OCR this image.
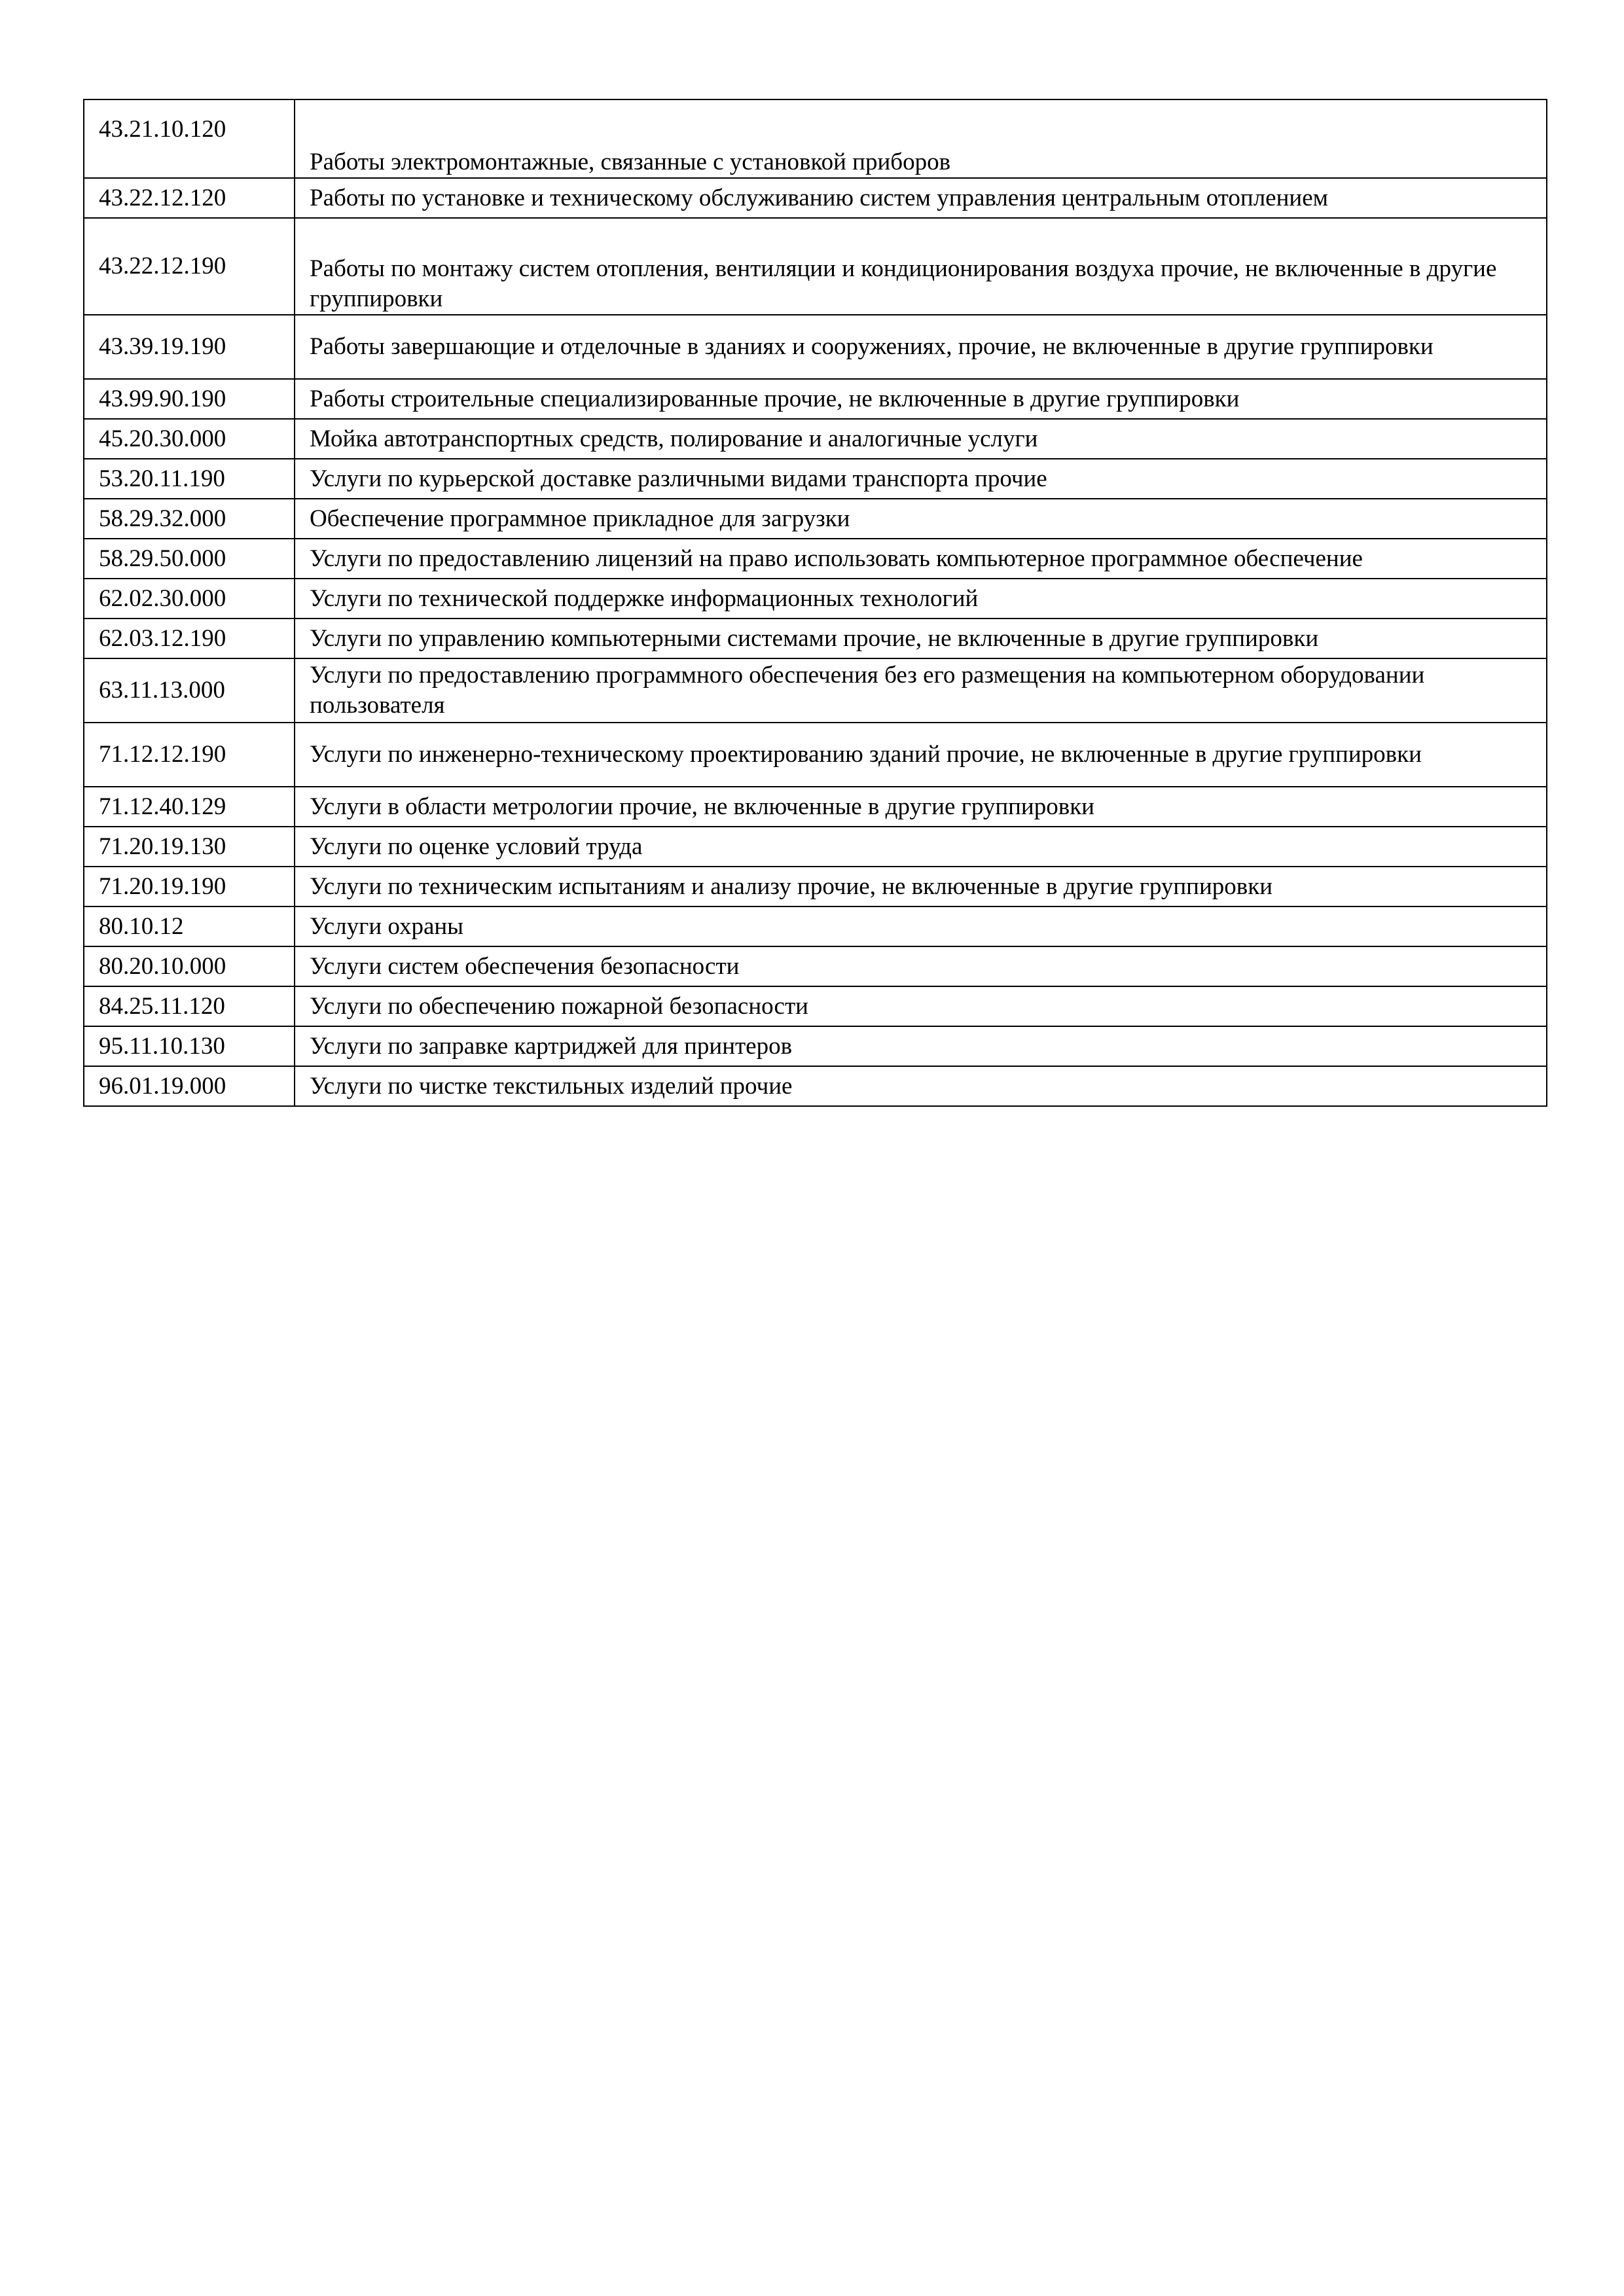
43.21.10.120	Работы электромонтажные, связанные с установкой приборов
43.22.12.120	Работы по установке и техническому обслуживанию систем управления центральным отоплением
43.22.12.190	Работы по монтажу систем отопления, вентиляции и кондиционирования воздуха прочие, не включенные в другие группировки
43.39.19.190	Работы завершающие и отделочные в зданиях и сооружениях, прочие, не включенные в другие группировки
43.99.90.190	Работы строительные специализированные прочие, не включенные в другие группировки
45.20.30.000	Мойка автотранспортных средств, полирование и аналогичные услуги
53.20.11.190	Услуги по курьерской доставке различными видами транспорта прочие
58.29.32.000	Обеспечение программное прикладное для загрузки
58.29.50.000	Услуги по предоставлению лицензий на право использовать компьютерное программное обеспечение
62.02.30.000	Услуги по технической поддержке информационных технологий
62.03.12.190	Услуги по управлению компьютерными системами прочие, не включенные в другие группировки
63.11.13.000	Услуги по предоставлению программного обеспечения без его размещения на компьютерном оборудовании пользователя
71.12.12.190	Услуги по инженерно-техническому проектированию зданий прочие, не включенные в другие группировки
71.12.40.129	Услуги в области метрологии прочие, не включенные в другие группировки
71.20.19.130	Услуги по оценке условий труда
71.20.19.190	Услуги по техническим испытаниям и анализу прочие, не включенные в другие группировки
80.10.12	Услуги охраны
80.20.10.000	Услуги систем обеспечения безопасности
84.25.11.120	Услуги по обеспечению пожарной безопасности
95.11.10.130	Услуги по заправке картриджей для принтеров
96.01.19.000	Услуги по чистке текстильных изделий прочие
